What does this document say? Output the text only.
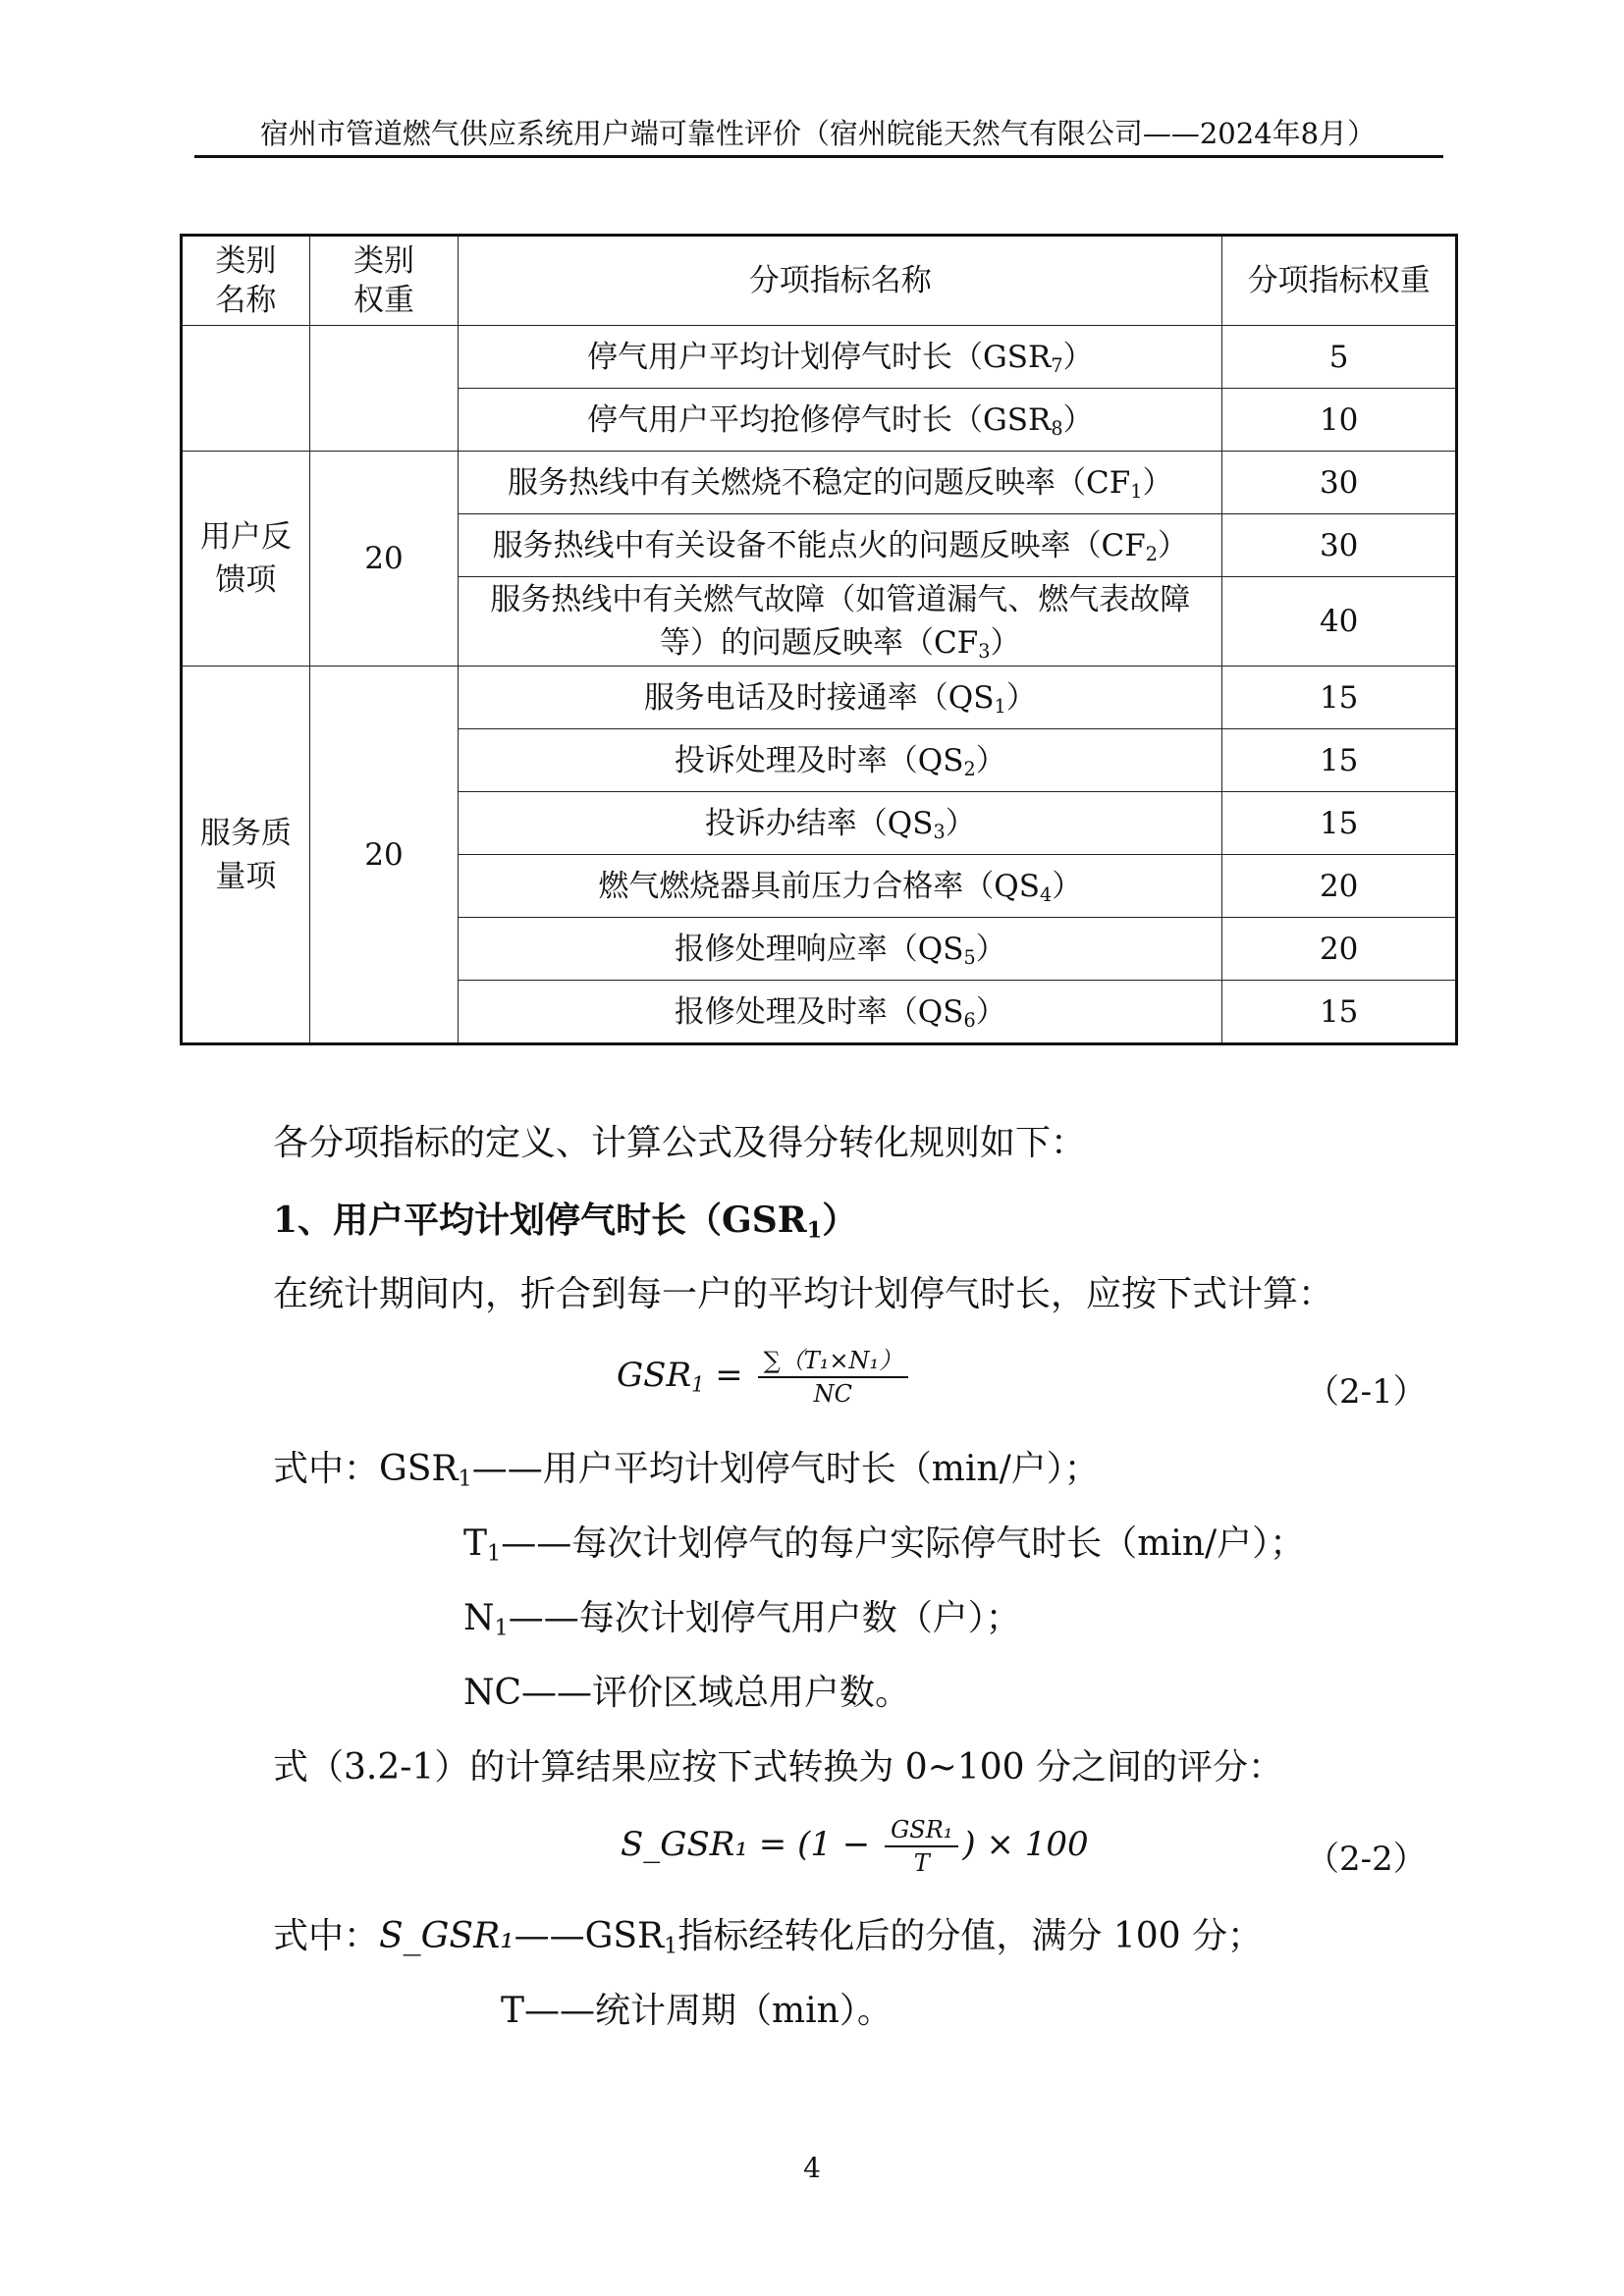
宿州市管道燃气供应系统用户端可靠性评价（宿州皖能天然气有限公司——2024年8月）
类别名称	类别权重	分项指标名称	分项指标权重
		停气用户平均计划停气时长$(GSR_7)$	5
		停气用户平均抢修停气时长$(GSR_8)$	10
用户反馈项	20	服务热线中有关燃烧不稳定的问题反映率$(CF_1)$	30
		服务热线中有关设备不能点火的问题反映率$(CF_2)$	30
		服务热线中有关燃气故障（如管道漏气、燃气表故障等）的问题反映率$(CF_3)$	40
服务质量项	20	服务电话及时接通率$(QS_1)$	15
		投诉处理及时率$(QS_2)$	15
		投诉办结率$(QS_3)$	15
		燃气燃烧器具前压力合格率$(QS_4)$	20
		报修处理响应率$(QS_5)$	20
		报修处理及时率$(QS_6)$	15
各分项指标的定义、计算公式及得分转化规则如下：
1、用户平均计划停气时长$(GSR_1)$
在统计期间内，折合到每一户的平均计划停气时长，应按下式计算：
$GSR_1 = \frac{\text{∑（T₁×N₁）}}{NC}$	（2-1）
式中：$GSR_1——$用户平均计划停气时长（min/户）；
$T_1——$每次计划停气的每户实际停气时长（min/户）；
$N_1——$每次计划停气用户数（户）；
NC——评价区域总用户数。
式（3.2-1）的计算结果应按下式转换为 0~100 分之间的评分：
S_GSR₁ = ($1 - \frac{\text{GSR₁}}{T}$ ) × 100	（2-2）
式中：$S\_GSR_1——GSR_1$指标经转化后的分值，满分 100 分；
T——统计周期（min）。
4
